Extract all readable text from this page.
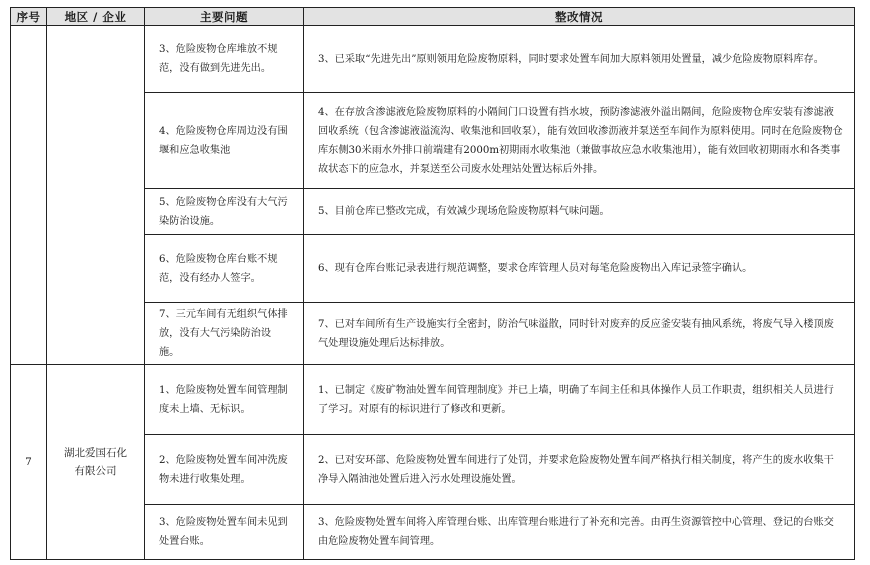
序号	地区 / 企业	主要问题	整改情况
		3、危险废物仓库堆放不规范，没有做到先进先出。	3、已采取“先进先出”原则领用危险废物原料，同时要求处置车间加大原料领用处置量，减少危险废物原料库存。
		4、危险废物仓库周边没有围堰和应急收集池	4、在存放含渗滤液危险废物原料的小隔间门口设置有挡水坡，预防渗滤液外溢出隔间，危险废物仓库安装有渗滤液回收系统（包含渗滤液溢流沟、收集池和回收泵），能有效回收渗沥液并泵送至车间作为原料使用。同时在危险废物仓库东侧30米雨水外排口前端建有2000m初期雨水收集池（兼做事故应急水收集池用），能有效回收初期雨水和各类事故状态下的应急水，并泵送至公司废水处理站处置达标后外排。
		5、危险废物仓库没有大气污染防治设施。	5、目前仓库已整改完成，有效减少现场危险废物原料气味问题。
		6、危险废物仓库台账不规范，没有经办人签字。	6、现有仓库台账记录表进行规范调整，要求仓库管理人员对每笔危险废物出入库记录签字确认。
		7、三元车间有无组织气体排放，没有大气污染防治设施。	7、已对车间所有生产设施实行全密封，防治气味溢散，同时针对废弃的反应釜安装有抽风系统，将废气导入楼顶废气处理设施处理后达标排放。
7	湖北爱国石化有限公司	1、危险废物处置车间管理制度未上墙、无标识。	1、已制定《废矿物油处置车间管理制度》并已上墙，明确了车间主任和具体操作人员工作职责，组织相关人员进行了学习。对原有的标识进行了修改和更新。
		2、危险废物处置车间冲洗废物未进行收集处理。	2、已对安环部、危险废物处置车间进行了处罚，并要求危险废物处置车间严格执行相关制度，将产生的废水收集干净导入隔油池处置后进入污水处理设施处置。
		3、危险废物处置车间未见到处置台账。	3、危险废物处置车间将入库管理台账、出库管理台账进行了补充和完善。由再生资源管控中心管理、登记的台账交由危险废物处置车间管理。
